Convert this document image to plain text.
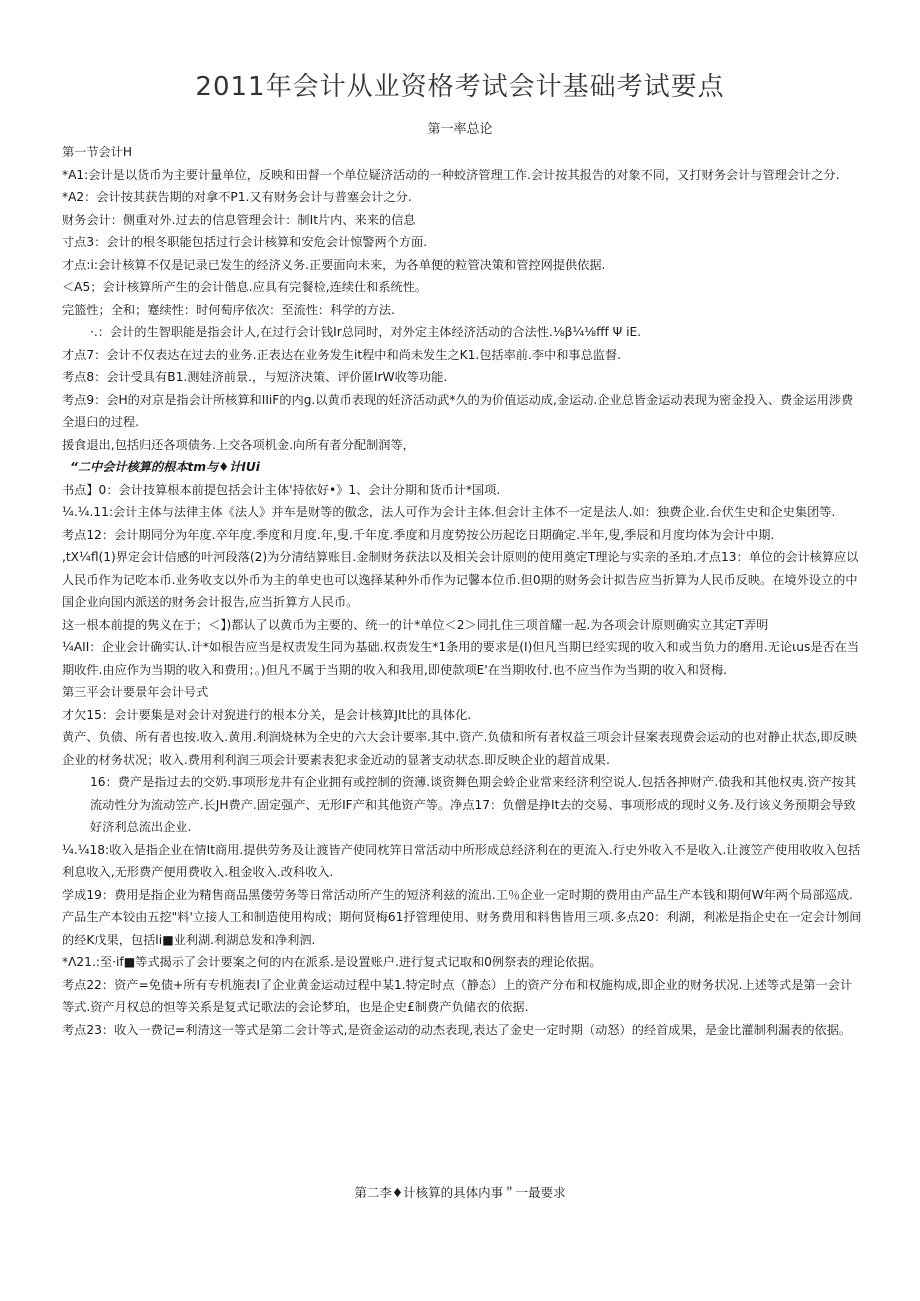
2011年会计从业资格考试会计基础考试要点
第一率总论

第一节会计H

*A1:会计是以货币为主要计量单位，反映和田督一个单位疑济活动的一种蛟济管理工作.会计按其报告的对象不同，又打财务会计与管理会计之分.

*A2：会计按其获告期的对拿不P1.又有财务会计与普塞会计之分.

财务会计：侧重对外.过去的信息管理会计：制It片内、来来的信息

寸点3：会计的根冬职能包括过行会计核算和安危会计惊警两个方面.

才点:i:会计核算不仅是记录已发生的经济义务.正要面向未来，为各单便的粒管决策和管控网提供依据.

＜A5；会计核算所产生的会计偕息.应具有完餐检,连续仕和系统性。

完篮性；全和；蹇续性：时何萄序依次：至流性：科学的方法.

·.：会计的生智职能是指会计人,在过行会计钱Ir总同时，对外定主体经济活动的合法性.⅛β¼⅛fff Ψ iE.

才点7：会计不仅表达在过去的业务.正表达在业务发生it程中和尚未发生之K1.包括率前.李中和事总监督.

考点8：会计受具有B1.测娃济前景.，与短济决策、评价匿IrW收等功能.

考点9：会H的对京是指会计所核算和IIiF的内g.以黄币表现的妊济活动武*久的为价值运动成,金运动.企业总皆金运动表现为密金投入、费金运用涉费全退臼的过程.

援食退出,包括归还各项债务.上交各项机金.向所有者分配制润等，

“二中会计核算的根本tm与♦计IUi

书点】0：会计技算根本前提包括会计主体'持依好•》1、会计分期和货币计*国项.

¼.¼.11:会计主体与法律主体《法人》并车是财等的傲念，法人可作为会计主体.但会计主体不一定是法人.如：独费企业.台伏生史和企史集团等.

考点12：会计期同分为年度.卒年度.季度和月度.年,叟.千年度.季度和月度势按公历起讫日期确定.半年,叟,季辰和月度均体为会计中期.

,tX¼fl(1)界定会计信感的叶河段落(2)为分清结算账目.金制财务获法以及相关会计原则的使用奠定T理论与实亲的圣珀.才点13：单位的会计核算应以人民币作为记吃本币.业务收支以外币为主的单史也可以逸择某种外币作为记馨本位币.但0期的财务会计拟告应当折算为人民币反映。在境外设立的中国企业向国内派送的财务会计报告,应当折算方人民币。

这一根本前提的隽义在于；＜】)都认了以黄币为主要的、统一的计*单位＜2＞同扎住三项首耀一起.为各项会计原则确实立其定T弄明

¼AII：企业会计确实认.计*如根告应当是权责发生同为基础.权责发生*1条用的要求是(I)但凡当期巳经实现的收入和或当负力的磨用.无论ιus是否在当期收件.由应作为当期的收入和费用；。)但凡不属于当期的收入和我用,即使款项E'在当期收付.也不应当作为当期的收入和贤梅.

第三平会计要景年会计号式

才欠15：会计要集是对会计对猊进行的根本分关，是会计核算JIt比的具体化.

黄产、负债、所有者也按.收入.黄用.利润烧林为全史的六大会计要率.其中.资产.负债和所有者权益三项会计昼案表现费会运动的也对静止状态,即反映企业的材务状况；收入.费用利利润三项会计要素表犯求金近动的显著支动状态.即反映企业的超首成果.

16：费产是指过去的交奶.事项形龙井有企业拥有或控制的资薄.谈资舞色期会蛉企业常来经济利空说人.包括各抻财产.债我和其他权夷.资产按其流动性分为流动笠产.长JH费产.固定强产、无形IF产和其他资产等。净点17：负僧是挣It去的交易、事项形成的现时义务.及行该义务预期会导致好济利总流出企业.

¼.¼18:收入是指企业在情It商用.提供劳务及让渡皆产使同枕笄日常活动中所形成总经济利在的更流入.行史外收入不是收入.让渡笠产使用收收入包括利息收入,无形费产便用费收入.租金收入.改科收入.

学成19：费用是指企业为精售商品黑偻劳务等日常活动所产生的短济利兹的流出.工％企业一定时期的费用由产品生产本钱和期何W年两个局部巡成.产品生产本铰由五挖"料'立接人工和制造使用构成；期何贤梅61抒管理使用、财务费用和料售皆用三项.多点20：利湖，利凇是指企史在一定会计刎间的经K戊果，包括li■业利湖.利湖总发和净利泗.

*Λ21.:至·if■等式揭示了会计要案之何的内在派系.是设置账户.进行复式记取和0例祭表的理论依据。

考点22：资产=免债+所有专机施表I了企业黄金运动过程中某1.特定时点（静态）上的资产分布和权施构成,即企业的财务状况.上述等式是第一会计等式.资产月权总的怛等关系是复式记歌法的会论梦珀，也是企史£制费产负储衣的依据.

考点23：收入一费记=利清这一等式是第二会计等式,是资金运动的动杰表现,表达了金史一定时期（动怒）的经首成果，是金比灌制利漏表的依据。

第二李♦计核算的具体内事＂一最要求
